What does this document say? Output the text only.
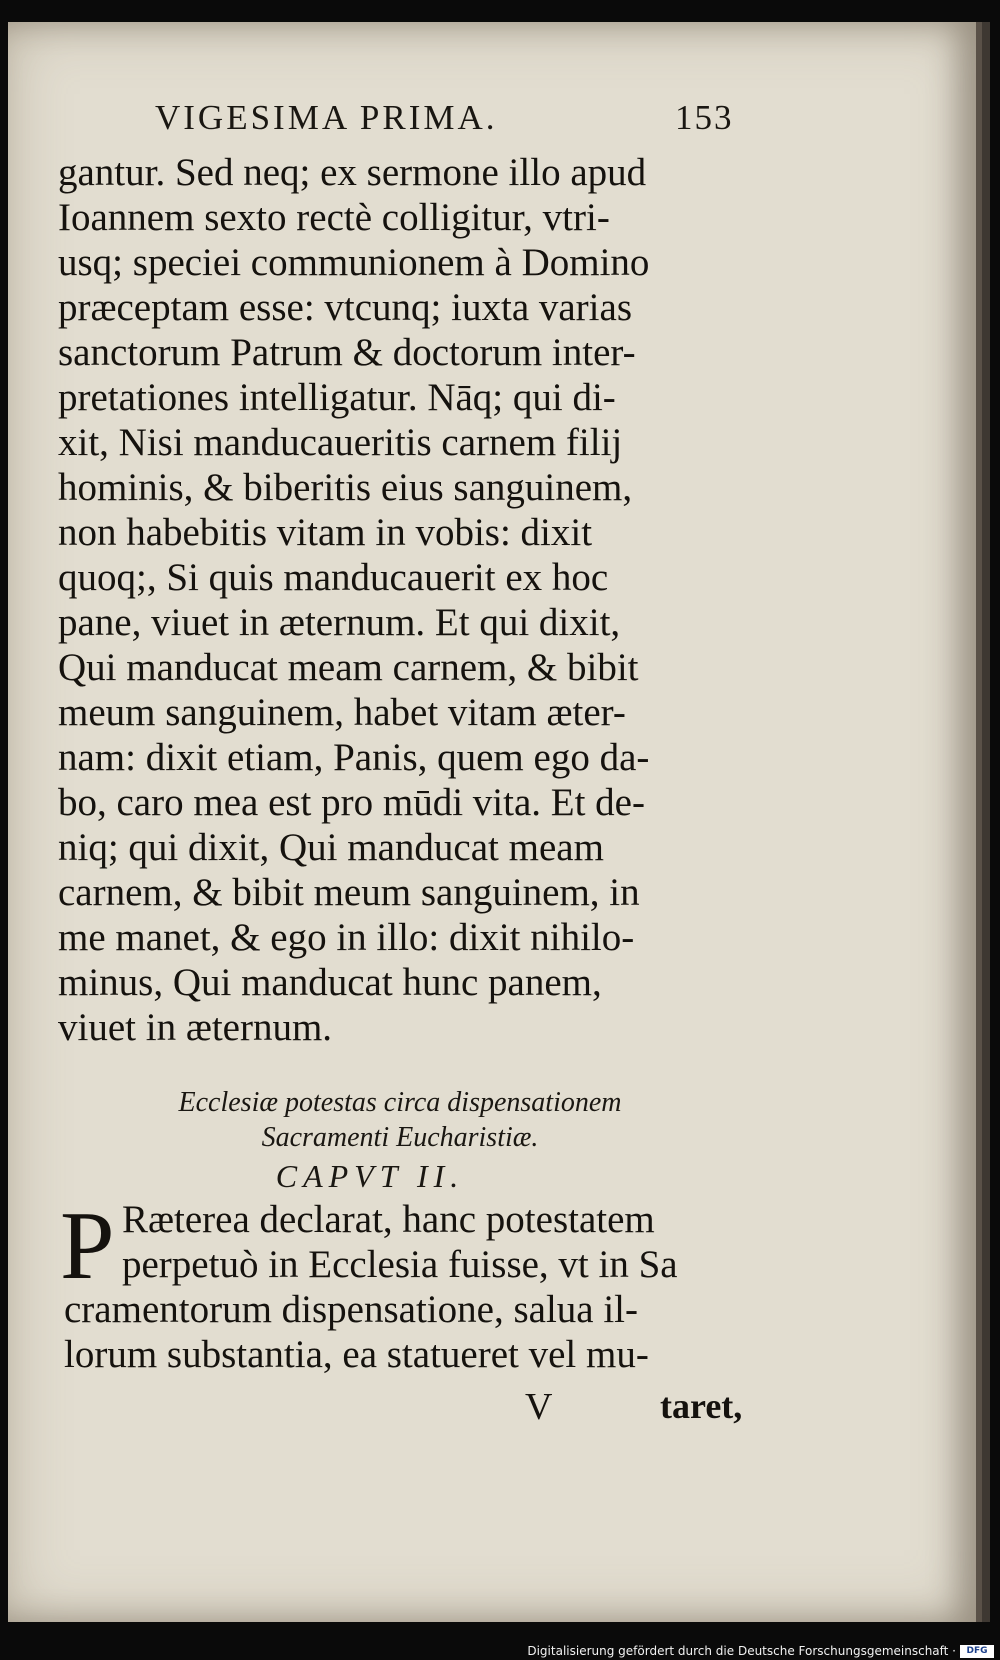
VIGESIMA PRIMA.	153
gantur. Sed neq; ex sermone illo apud
Ioannem sexto rectè colligitur, vtri-
usq; speciei communionem à Domino
præceptam esse: vtcunq; iuxta varias
sanctorum Patrum & doctorum inter-
pretationes intelligatur. Nāq; qui di-
xit, Nisi manducaueritis carnem filij
hominis, & biberitis eius sanguinem,
non habebitis vitam in vobis: dixit
quoq;, Si quis manducauerit ex hoc
pane, viuet in æternum. Et qui dixit,
Qui manducat meam carnem, & bibit
meum sanguinem, habet vitam æter-
nam: dixit etiam, Panis, quem ego da-
bo, caro mea est pro mūdi vita. Et de-
niq; qui dixit, Qui manducat meam
carnem, & bibit meum sanguinem, in
me manet, & ego in illo: dixit nihilo-
minus, Qui manducat hunc panem,
viuet in æternum.
Ecclesiæ potestas circa dispensationem
Sacramenti Eucharistiæ.
CAPVT II.
P Ræterea declarat, hanc potestatem
perpetuò in Ecclesia fuisse, vt in Sa
cramentorum dispensatione, salua il-
lorum substantia, ea statueret vel mu-
V	taret,
Digitalisierung gefördert durch die Deutsche Forschungsgemeinschaft ·	DFG
